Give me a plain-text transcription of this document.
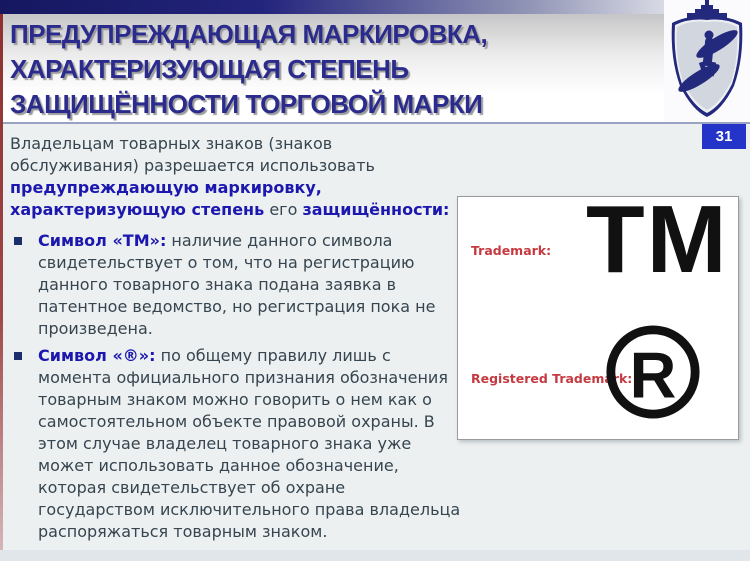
ПРЕДУПРЕЖДАЮЩАЯ МАРКИРОВКА,
ХАРАКТЕРИЗУЮЩАЯ СТЕПЕНЬ
ЗАЩИЩЁННОСТИ ТОРГОВОЙ МАРКИ
31

Владельцам товарных знаков (знаков обслуживания) разрешается использовать предупреждающую маркировку, характеризующую степень его защищённости:

Символ «ТМ»: наличие данного символа свидетельствует о том, что на регистрацию данного товарного знака подана заявка в патентное ведомство, но регистрация пока не произведена.
Символ «®»: по общему правилу лишь с момента официального признания обозначения товарным знаком можно говорить о нем как о самостоятельном объекте правовой охраны. В этом случае владелец товарного знака уже может использовать данное обозначение, которая свидетельствует об охране государством исключительного права владельца распоряжаться товарным знаком.
Trademark: TM
Registered Trademark:
R
